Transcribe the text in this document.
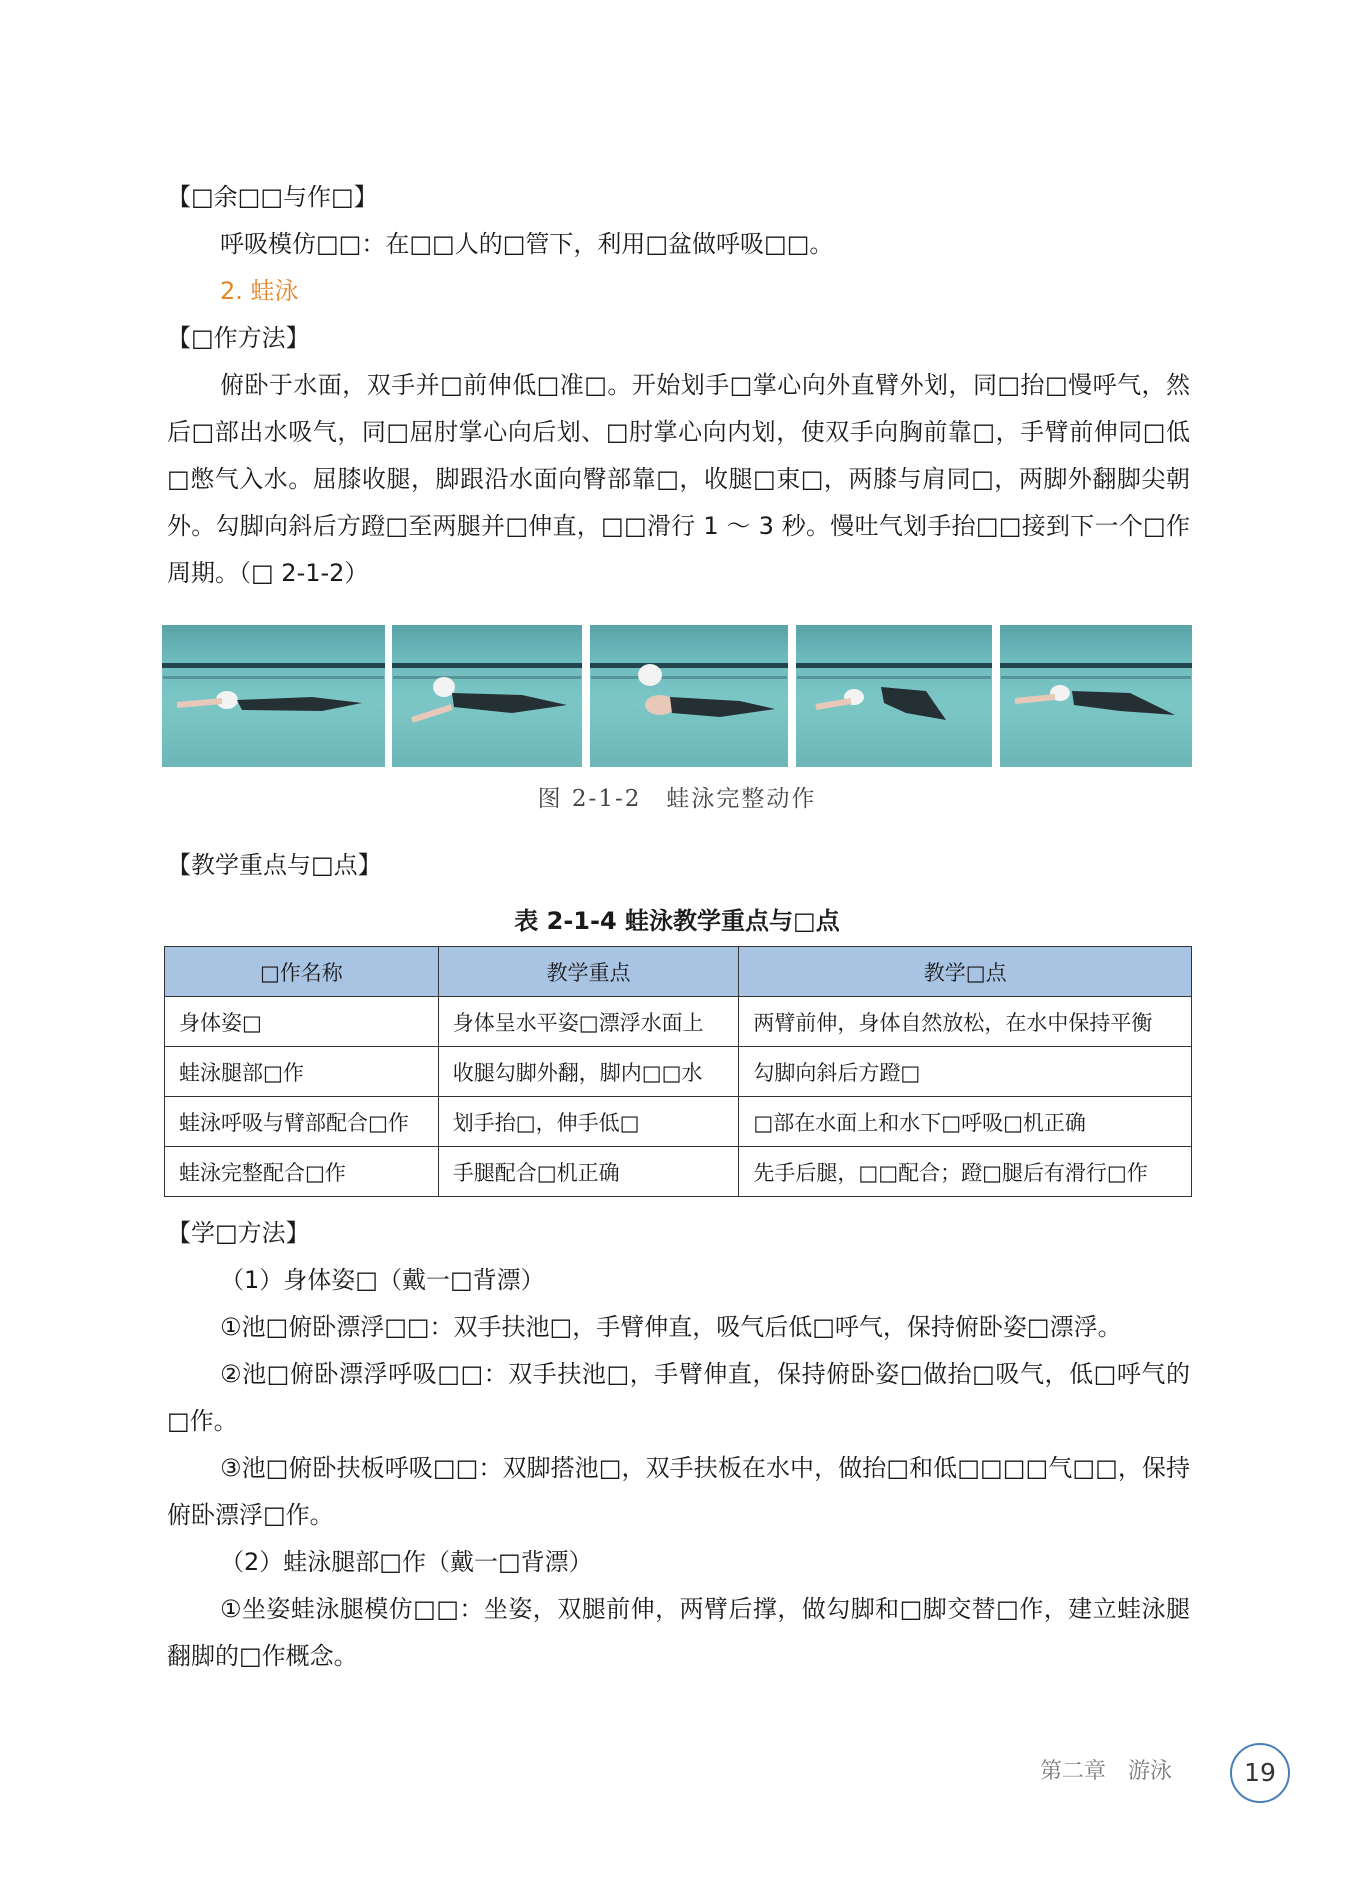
【□余□□与作□】
呼吸模仿□□：在□□人的□管下，利用□盆做呼吸□□。
2. 蛙泳
【□作方法】
俯卧于水面，双手并□前伸低□准□。开始划手□掌心向外直臂外划，同□抬□慢呼气，然后□部出水吸气，同□屈肘掌心向后划、□肘掌心向内划，使双手向胸前靠□，手臂前伸同□低□憋气入水。屈膝收腿，脚跟沿水面向臀部靠□，收腿□束□，两膝与肩同□，两脚外翻脚尖朝外。勾脚向斜后方蹬□至两腿并□伸直，□□滑行 1 ～ 3 秒。慢吐气划手抬□□接到下一个□作周期。（□ 2-1-2）
图 2-1-2　蛙泳完整动作
【教学重点与□点】
表 2-1-4 蛙泳教学重点与□点
□作名称	教学重点	教学□点
身体姿□	身体呈水平姿□漂浮水面上	两臂前伸，身体自然放松，在水中保持平衡
蛙泳腿部□作	收腿勾脚外翻，脚内□□水	勾脚向斜后方蹬□
蛙泳呼吸与臂部配合□作	划手抬□，伸手低□	□部在水面上和水下□呼吸□机正确
蛙泳完整配合□作	手腿配合□机正确	先手后腿，□□配合；蹬□腿后有滑行□作
【学□方法】
（1）身体姿□（戴一□背漂）
①池□俯卧漂浮□□：双手扶池□，手臂伸直，吸气后低□呼气，保持俯卧姿□漂浮。
②池□俯卧漂浮呼吸□□：双手扶池□，手臂伸直，保持俯卧姿□做抬□吸气，低□呼气的□作。
③池□俯卧扶板呼吸□□：双脚搭池□，双手扶板在水中，做抬□和低□□□□气□□，保持俯卧漂浮□作。
（2）蛙泳腿部□作（戴一□背漂）
①坐姿蛙泳腿模仿□□：坐姿，双腿前伸，两臂后撑，做勾脚和□脚交替□作，建立蛙泳腿翻脚的□作概念。
第二章　游泳	19
